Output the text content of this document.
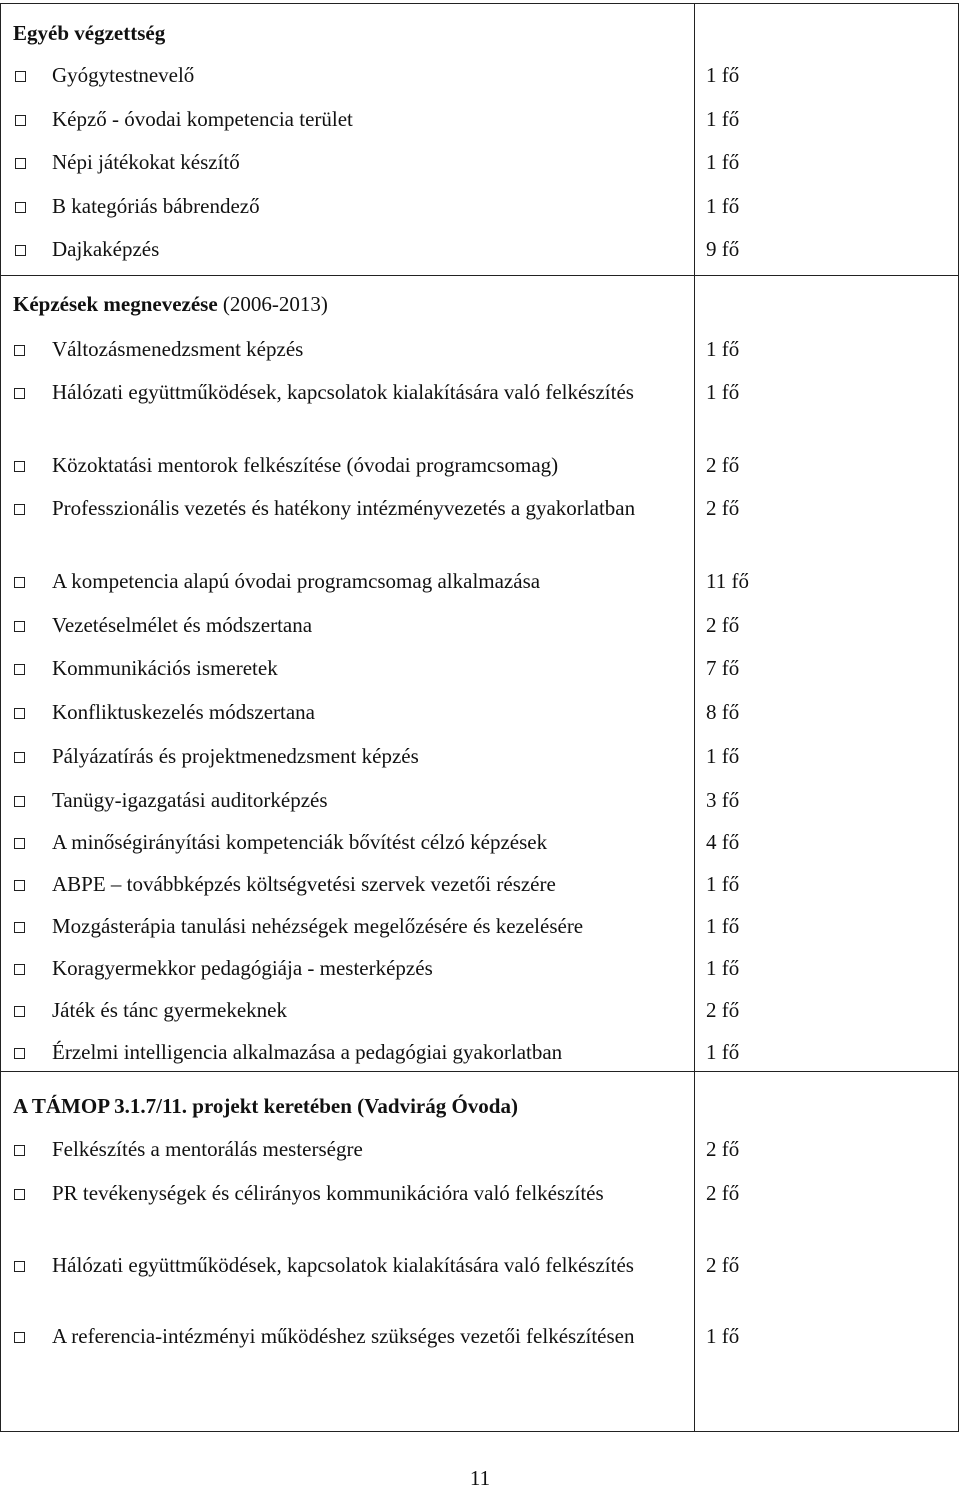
Egyéb végzettség
Gyógytestnevelő	1 fő
Képző - óvodai kompetencia terület	1 fő
Népi játékokat készítő	1 fő
B kategóriás bábrendező	1 fő
Dajkaképzés	9 fő
Képzések megnevezése (2006-2013)
Változásmenedzsment képzés	1 fő
Hálózati együttműködések, kapcsolatok kialakítására való felkészítés	1 fő
Közoktatási mentorok felkészítése (óvodai programcsomag)	2 fő
Professzionális vezetés és hatékony intézményvezetés a gyakorlatban	2 fő
A kompetencia alapú óvodai programcsomag alkalmazása	11 fő
Vezetéselmélet és módszertana	2 fő
Kommunikációs ismeretek	7 fő
Konfliktuskezelés módszertana	8 fő
Pályázatírás és projektmenedzsment képzés	1 fő
Tanügy-igazgatási auditorképzés	3 fő
A minőségirányítási kompetenciák bővítést célzó képzések	4 fő
ABPE – továbbképzés költségvetési szervek vezetői részére	1 fő
Mozgásterápia tanulási nehézségek megelőzésére és kezelésére	1 fő
Koragyermekkor pedagógiája - mesterképzés	1 fő
Játék és tánc gyermekeknek	2 fő
Érzelmi intelligencia alkalmazása a pedagógiai gyakorlatban	1 fő
A TÁMOP 3.1.7/11. projekt keretében (Vadvirág Óvoda)
Felkészítés a mentorálás mesterségre	2 fő
PR tevékenységek és célirányos kommunikációra való felkészítés	2 fő
Hálózati együttműködések, kapcsolatok kialakítására való felkészítés	2 fő
A referencia-intézményi működéshez szükséges vezetői felkészítésen	1 fő
11
